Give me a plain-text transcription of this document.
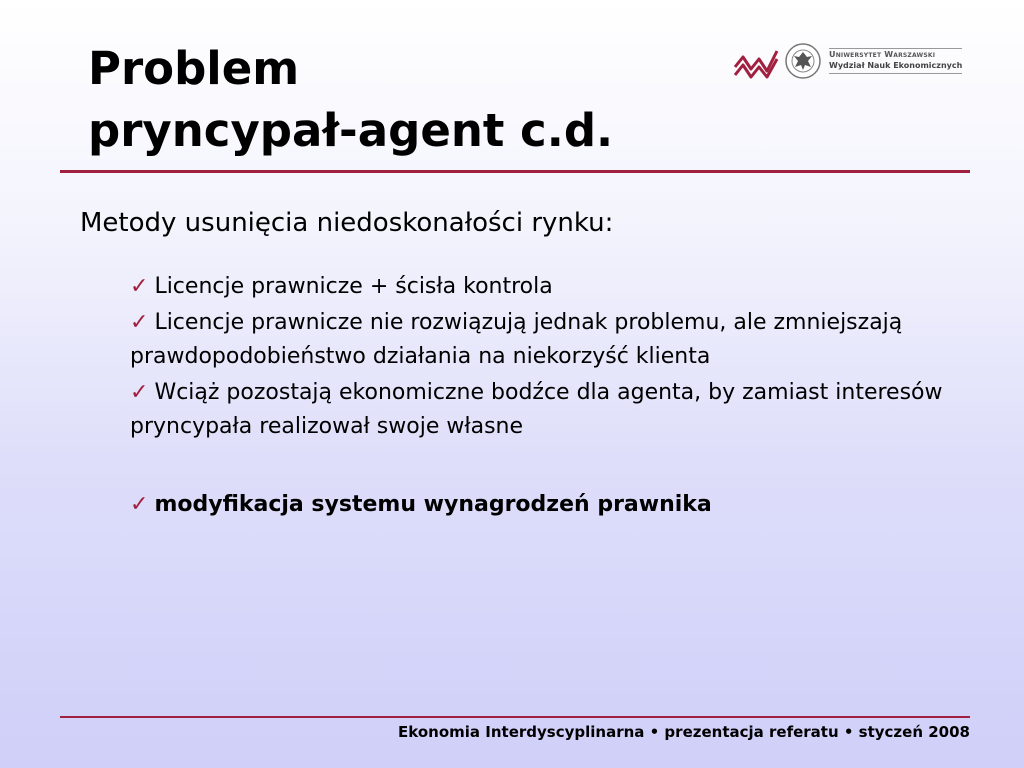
Problem
pryncypał-agent c.d.
Uniwersytet Warszawski
Wydział Nauk Ekonomicznych

Metody usunięcia niedoskonałości rynku:

✓ Licencje prawnicze + ścisła kontrola
✓ Licencje prawnicze nie rozwiązują jednak problemu, ale zmniejszają prawdopodobieństwo działania na niekorzyść klienta
✓ Wciąż pozostają ekonomiczne bodźce dla agenta, by zamiast interesów pryncypała realizował swoje własne
✓ modyfikacja systemu wynagrodzeń prawnika
Ekonomia Interdyscyplinarna • prezentacja referatu • styczeń 2008
